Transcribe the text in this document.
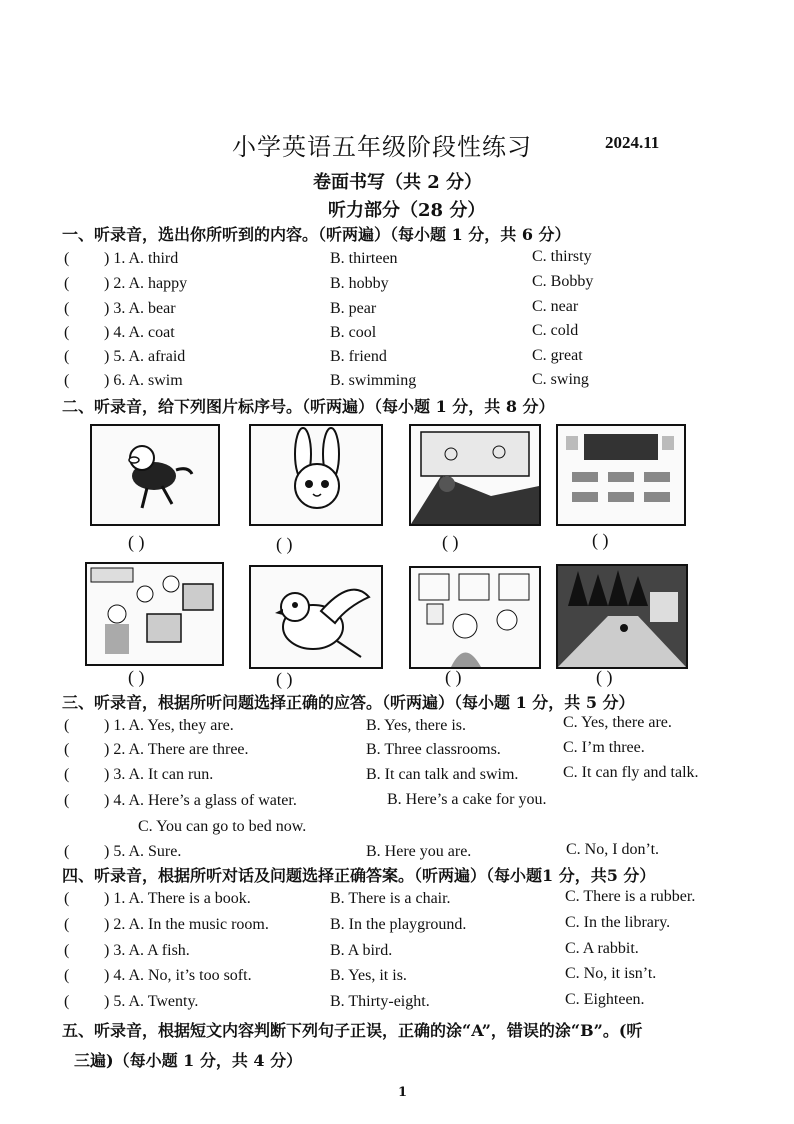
小学英语五年级阶段性练习	2024.11
卷面书写（共 2 分）
听力部分（28 分）
一、听录音，选出你所听到的内容。（听两遍）（每小题 1 分，共 6 分）
( ) 1. A. third	B. thirteen	C. thirsty
( ) 2. A. happy	B. hobby	C. Bobby
( ) 3. A. bear	B. pear	C. near
( ) 4. A. coat	B. cool	C. cold
( ) 5. A. afraid	B. friend	C. great
( ) 6. A. swim	B. swimming	C. swing
二、听录音，给下列图片标序号。（听两遍）（每小题 1 分，共 8 分）
( )	( )	( )	( )
( )	( )	( )	( )
三、听录音，根据所听问题选择正确的应答。（听两遍）（每小题 1 分，共 5 分）
( ) 1. A. Yes, they are.	B. Yes, there is.	C. Yes, there are.
( ) 2. A. There are three.	B. Three classrooms.	C. I’m three.
( ) 3. A. It can run.	B. It can talk and swim.	C. It can fly and talk.
( ) 4. A. Here’s a glass of water.	B. Here’s a cake for you.
C. You can go to bed now.
( ) 5. A. Sure.	B. Here you are.	C. No, I don’t.
四、听录音，根据所听对话及问题选择正确答案。（听两遍）（每小题1 分，共5 分）
( ) 1. A. There is a book.	B. There is a chair.	C. There is a rubber.
( ) 2. A. In the music room.	B. In the playground.	C. In the library.
( ) 3. A. A fish.	B. A bird.	C. A rabbit.
( ) 4. A. No, it’s too soft.	B. Yes, it is.	C. No, it isn’t.
( ) 5. A. Twenty.	B. Thirty-eight.	C. Eighteen.
五、听录音，根据短文内容判断下列句子正误，正确的涂“A”，错误的涂“B”。(听
三遍)（每小题 1 分，共 4 分）
1
